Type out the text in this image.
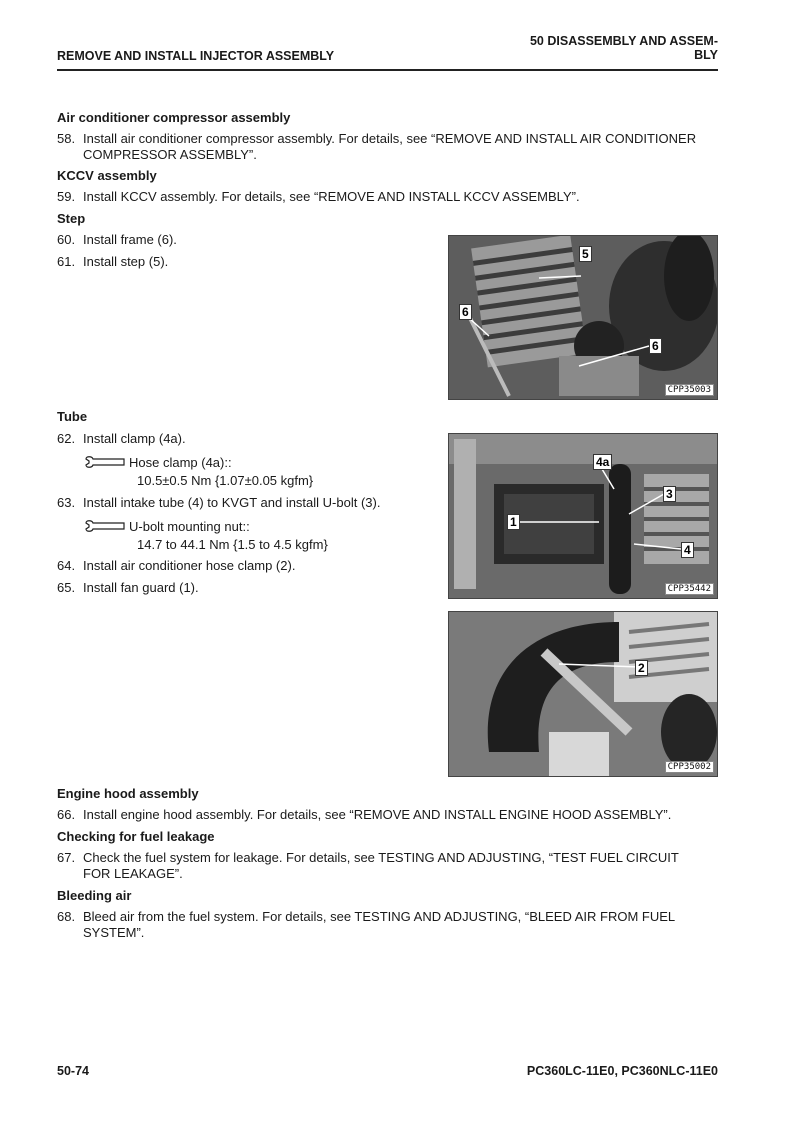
REMOVE AND INSTALL INJECTOR ASSEMBLY
50 DISASSEMBLY AND ASSEM-
BLY
Air conditioner compressor assembly
58. Install air conditioner compressor assembly. For details, see “REMOVE AND INSTALL AIR CONDITIONER
COMPRESSOR ASSEMBLY”.
KCCV assembly
59. Install KCCV assembly. For details, see “REMOVE AND INSTALL KCCV ASSEMBLY”.
Step
60. Install frame (6).
61. Install step (5).	5
6
6
CPP35003
Tube
62. Install clamp (4a).
Hose clamp (4a)::
10.5±0.5 Nm {1.07±0.05 kgfm}
63. Install intake tube (4) to KVGT and install U-bolt (3).
U-bolt mounting nut::
14.7 to 44.1 Nm {1.5 to 4.5 kgfm}
64. Install air conditioner hose clamp (2).
65. Install fan guard (1).
4a
3
1
4
CPP35442
2
CPP35002
Engine hood assembly
66. Install engine hood assembly. For details, see “REMOVE AND INSTALL ENGINE HOOD ASSEMBLY”.
Checking for fuel leakage
67. Check the fuel system for leakage. For details, see TESTING AND ADJUSTING, “TEST FUEL CIRCUIT
FOR LEAKAGE”.
Bleeding air
68. Bleed air from the fuel system. For details, see TESTING AND ADJUSTING, “BLEED AIR FROM FUEL
SYSTEM”.
50-74	PC360LC-11E0, PC360NLC-11E0
